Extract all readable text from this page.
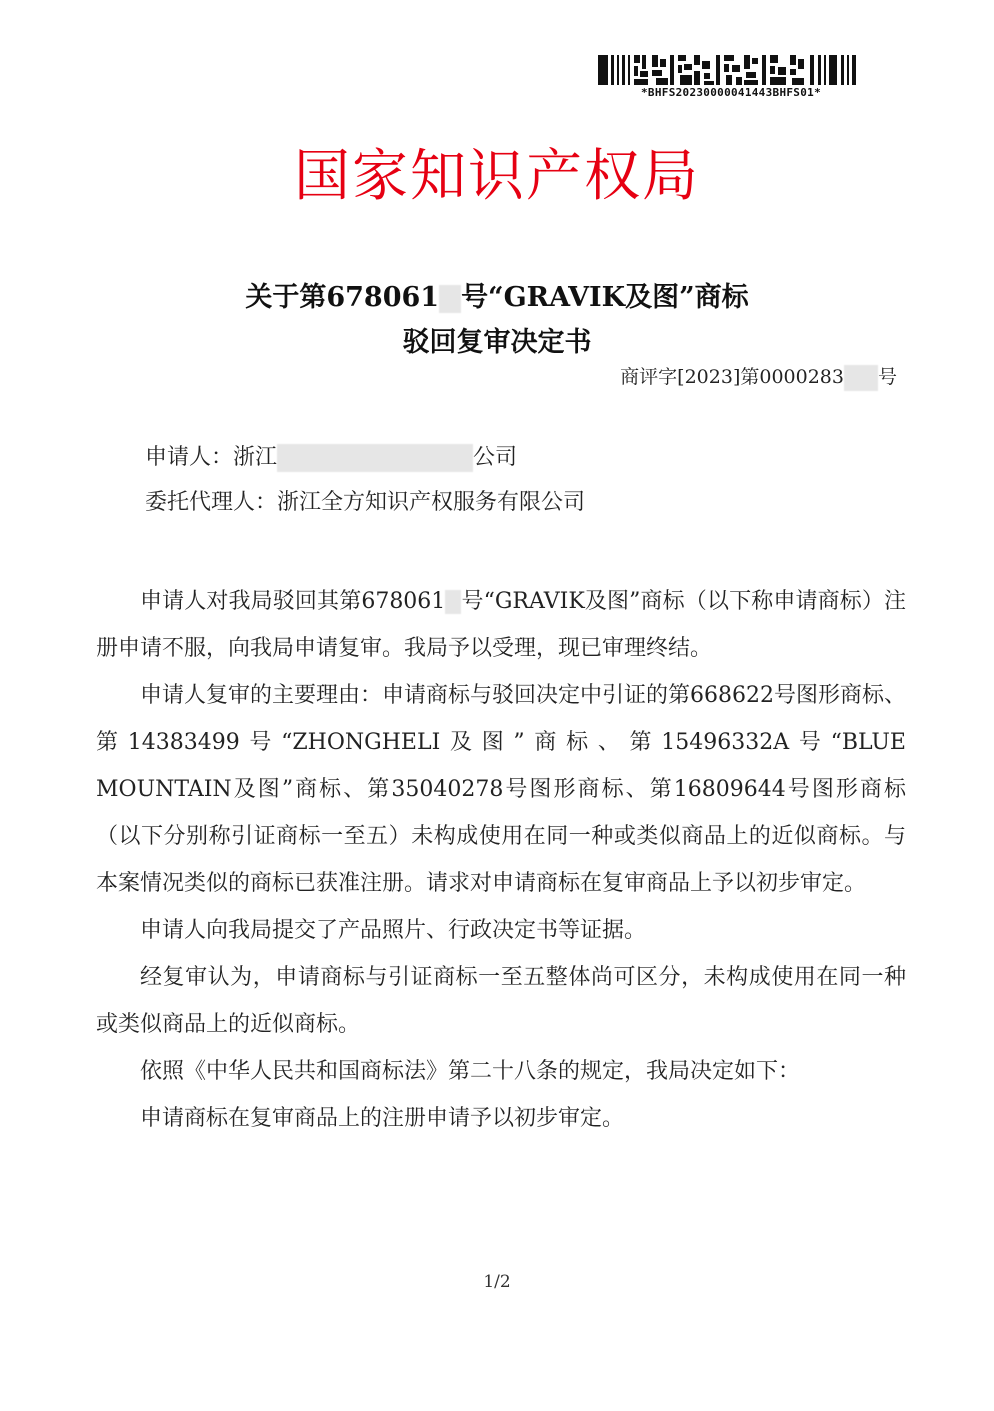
*BHFS20230000041443BHFS01*
国家知识产权局
关于第678061 号“GRAVIK及图”商标
驳回复审决定书
商评字[2023]第0000283 号
申请人：浙江	公司
委托代理人：浙江全方知识产权服务有限公司

申请人对我局驳回其第678061 号“GRAVIK及图”商标（以下称申请商标）注册申请不服，向我局申请复审。我局予以受理，现已审理终结。

申请人复审的主要理由：申请商标与驳回决定中引证的第668622号图形商标、第14383499号“ZHONGHELI及图”商标、第15496332A号“BLUE MOUNTAIN及图”商标、第35040278号图形商标、第16809644号图形商标（以下分别称引证商标一至五）未构成使用在同一种或类似商品上的近似商标。与本案情况类似的商标已获准注册。请求对申请商标在复审商品上予以初步审定。

申请人向我局提交了产品照片、行政决定书等证据。

经复审认为，申请商标与引证商标一至五整体尚可区分，未构成使用在同一种或类似商品上的近似商标。

依照《中华人民共和国商标法》第二十八条的规定，我局决定如下：

申请商标在复审商品上的注册申请予以初步审定。

1/2
